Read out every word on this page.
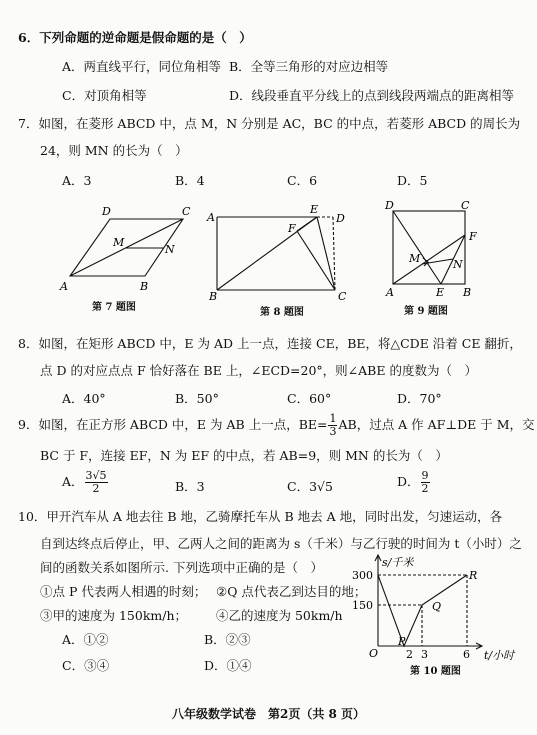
6．下列命题的逆命题是假命题的是（　）
A．两直线平行，同位角相等 B．全等三角形的对应边相等
C．对顶角相等	D．线段垂直平分线上的点到线段两端点的距离相等
7．如图，在菱形 ABCD 中，点 M，N 分别是 AC，BC 的中点，若菱形 ABCD 的周长为
24，则 MN 的长为（　）
A．3	B．4	C．6	D．5
A	B
C
D
M
N
第 7 题图
A
B	C
D
E
F
第 8 题图
D	C
A	B
E
F
M	N
第 9 题图
8．如图，在矩形 ABCD 中，E 为 AD 上一点，连接 CE，BE，将△CDE 沿着 CE 翻折，
点 D 的对应点点 F 恰好落在 BE 上，∠ECD=20°，则∠ABE 的度数为（　）
A．40°	B．50°	C．60°	D．70°
9．如图，在正方形 ABCD 中，E 为 AB 上一点，$BE= \frac{1}{3}$ AB，过点 A 作 AF⊥DE 于 M，交
BC 于 F，连接 EF，N 为 EF 的中点，若 AB=9，则 MN 的长为（　）
A． $\frac{3√5}{2}$	B．3	C．3√5	D． $\frac{9}{2}$
10．甲开汽车从 A 地去往 B 地，乙骑摩托车从 B 地去 A 地，同时出发，匀速运动，各
自到达终点后停止，甲、乙两人之间的距离为 s（千米）与乙行驶的时间为 t（小时）之
间的函数关系如图所示. 下列选项中正确的是（　）
①点 P 代表两人相遇的时刻； ②Q 点代表乙到达目的地；
③甲的速度为 150km/h； ④乙的速度为 50km/h
A．①②	B．②③
C．③④	D．①④
s/千米
t/小时
O
300
150
2 3	6
P
Q
R
第 10 题图
八年级数学试卷　第2页（共 8 页）
